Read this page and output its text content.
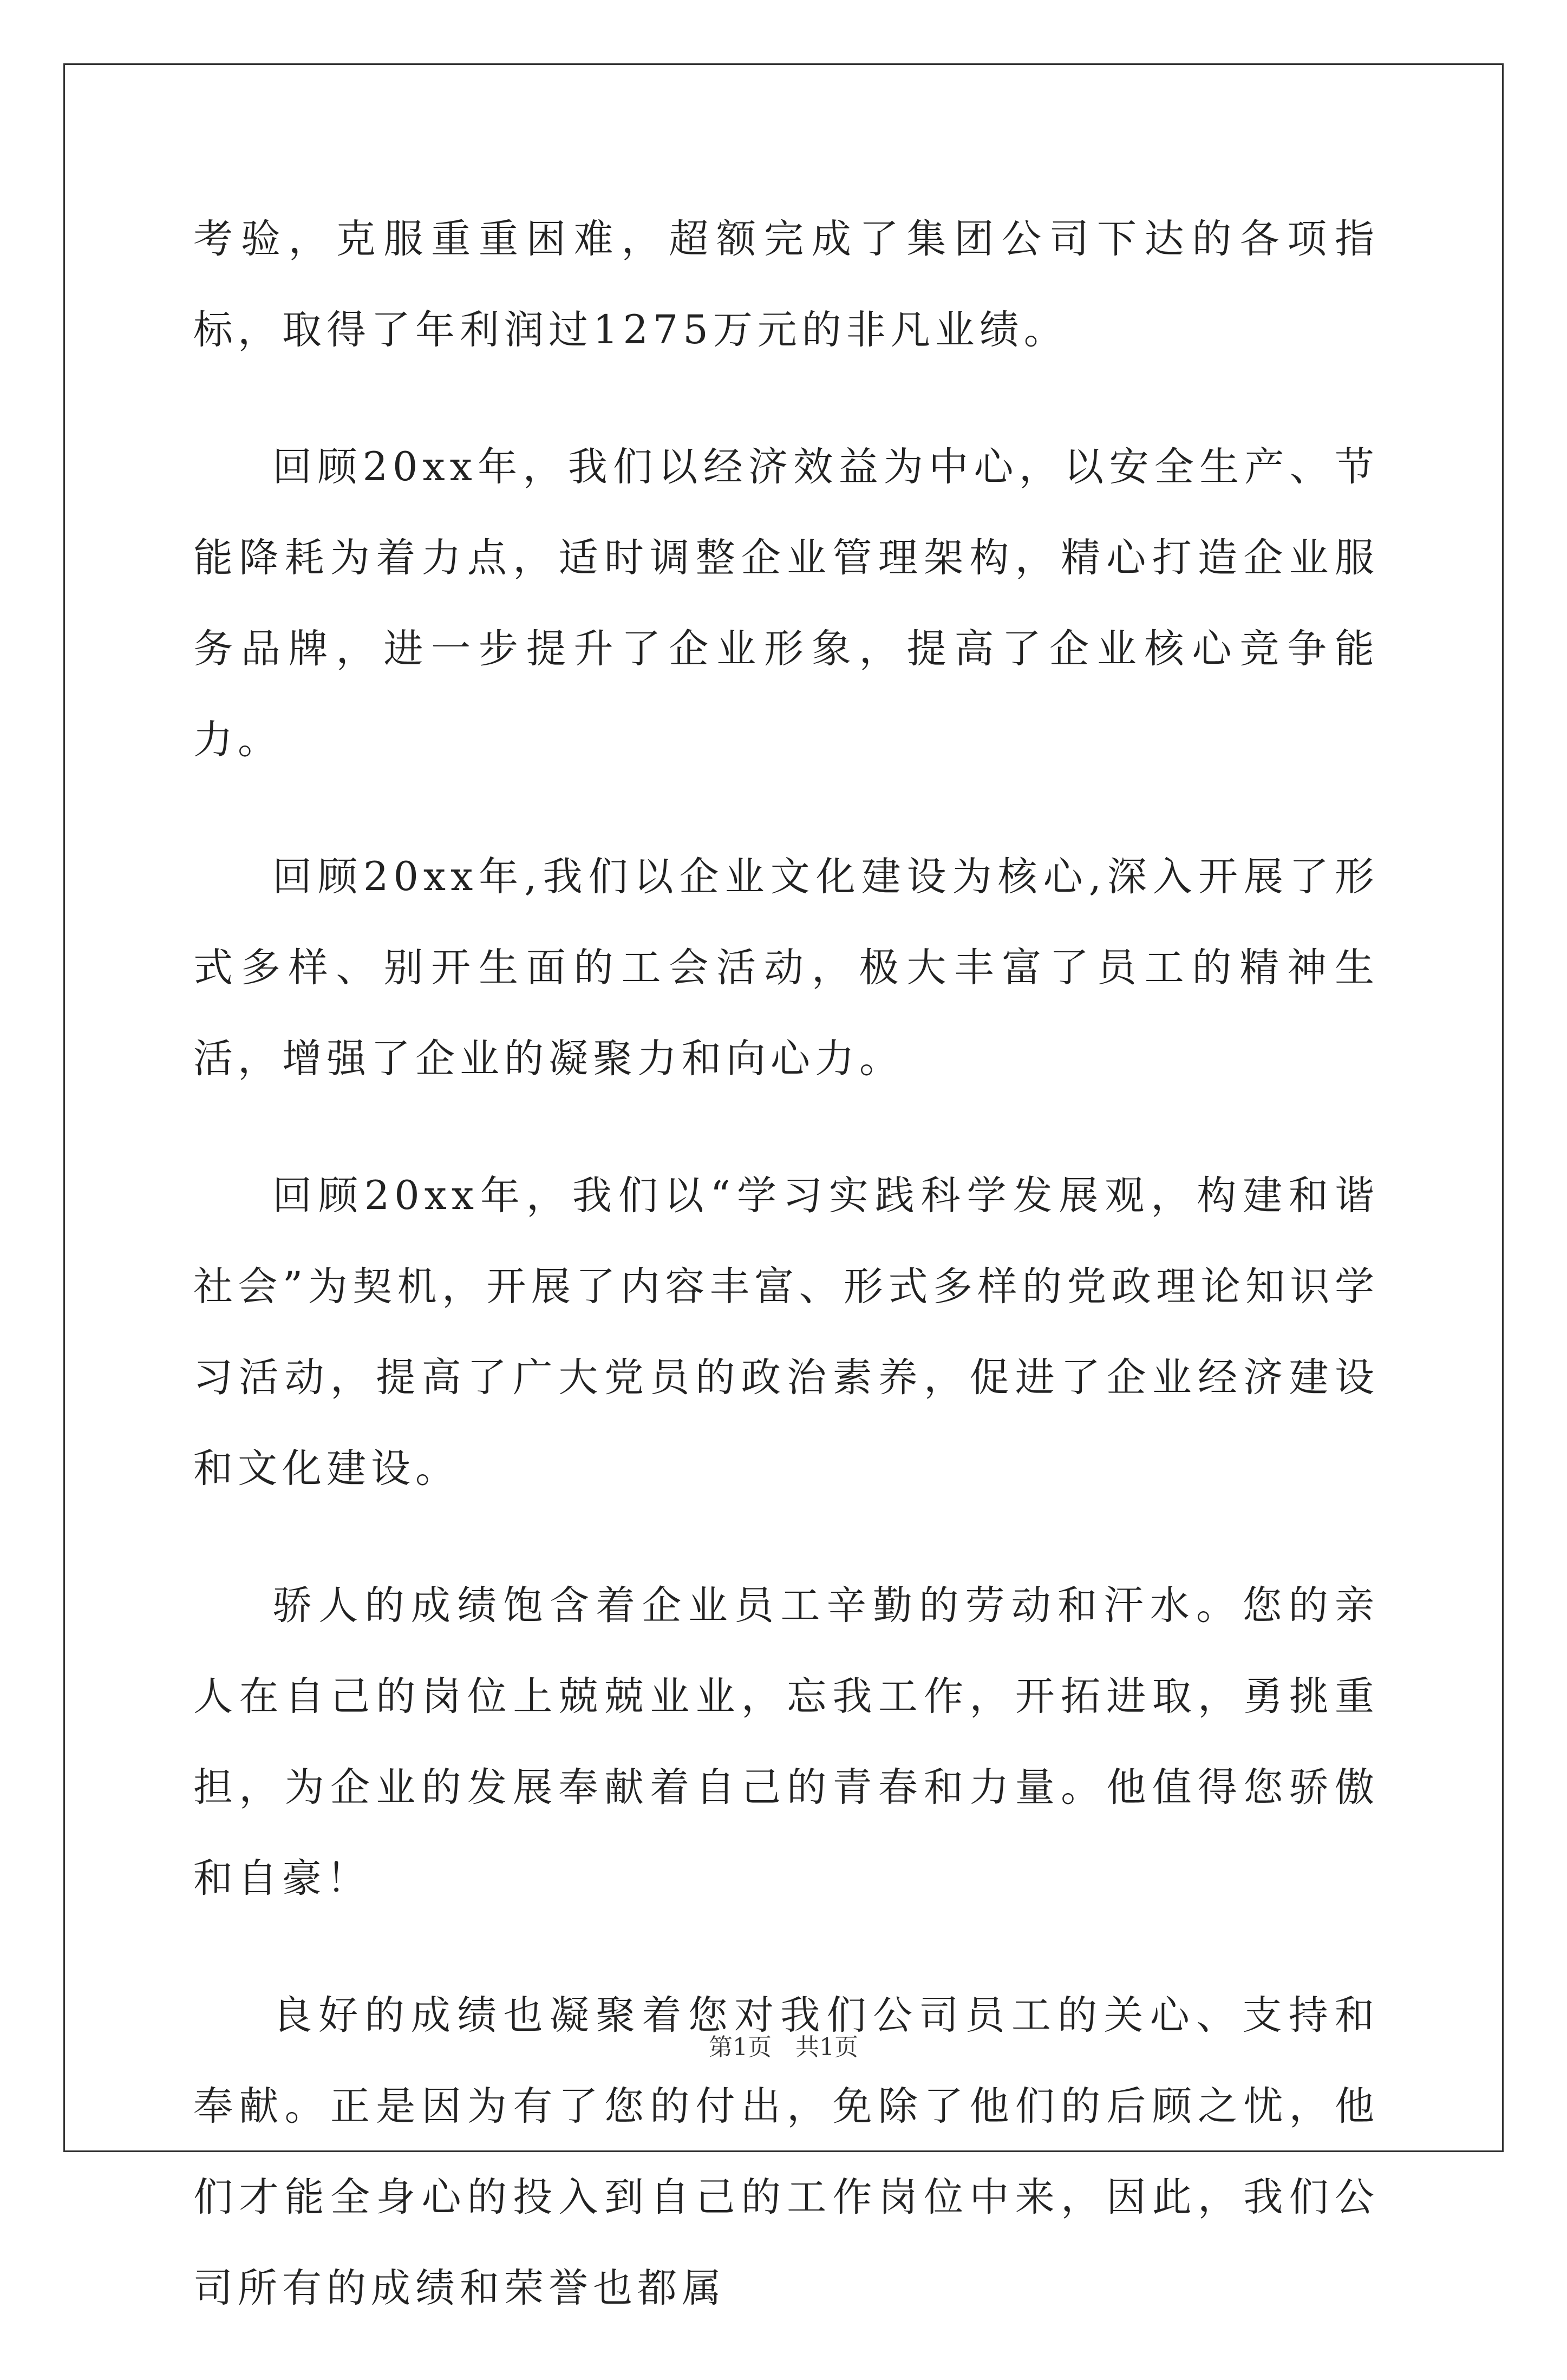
考验，克服重重困难，超额完成了集团公司下达的各项指标，取得了年利润过1275万元的非凡业绩。

回顾20xx年，我们以经济效益为中心，以安全生产、节能降耗为着力点，适时调整企业管理架构，精心打造企业服务品牌，进一步提升了企业形象，提高了企业核心竞争能力。

回顾20xx年,我们以企业文化建设为核心,深入开展了形式多样、别开生面的工会活动，极大丰富了员工的精神生活，增强了企业的凝聚力和向心力。

回顾20xx年，我们以“学习实践科学发展观，构建和谐社会”为契机，开展了内容丰富、形式多样的党政理论知识学习活动，提高了广大党员的政治素养，促进了企业经济建设和文化建设。

骄人的成绩饱含着企业员工辛勤的劳动和汗水。您的亲人在自己的岗位上兢兢业业，忘我工作，开拓进取，勇挑重担，为企业的发展奉献着自己的青春和力量。他值得您骄傲和自豪！

良好的成绩也凝聚着您对我们公司员工的关心、支持和奉献。正是因为有了您的付出，免除了他们的后顾之忧，他们才能全身心的投入到自己的工作岗位中来，因此，我们公司所有的成绩和荣誉也都属

第1页　共1页
